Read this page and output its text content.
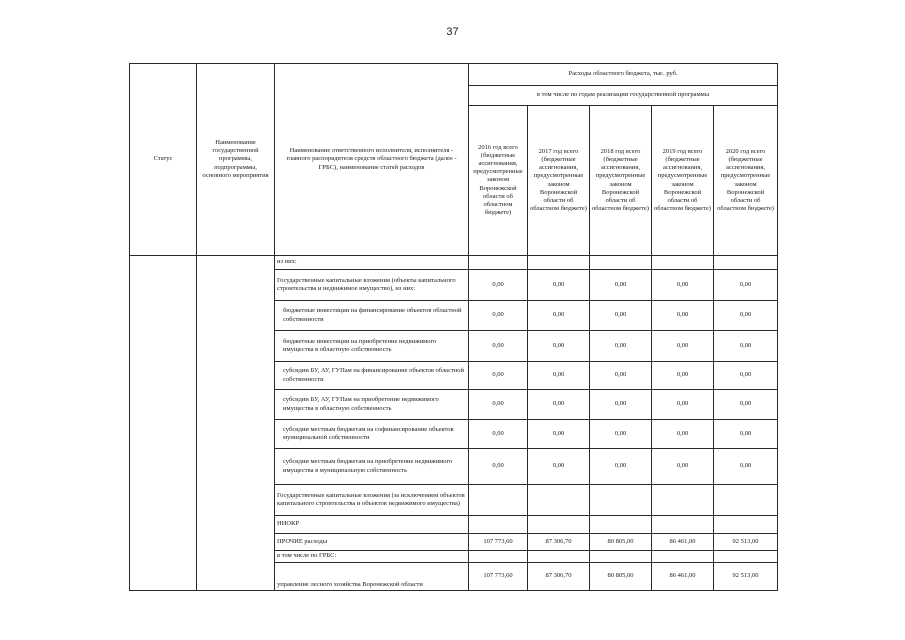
37
Статус	Наименование государственной программы, подпрограммы, основного мероприятия	Наименование ответственного исполнителя, исполнителя - главного распорядителя средств областного бюджета (далее - ГРБС), наименование статей расходов	Расходы областного бюджета, тыс. руб.				
			в том числе по годам реализации государственной программы				
			2016 год всего (бюджетные ассигнования, предусмотренные законом Воронежской области об областном бюджете)	2017 год всего (бюджетные ассигнования, предусмотренные законом Воронежской области об областном бюджете)	2018 год всего (бюджетные ассигнования, предусмотренные законом Воронежской области об областном бюджете)	2019 год всего (бюджетные ассигнования, предусмотренные законом Воронежской области об областном бюджете)	2020 год всего (бюджетные ассигнования, предусмотренные законом Воронежской области об областном бюджете)
		из них:					
		Государственные капитальные вложения (объекты капитального строительства и недвижимое имущество), из них:	0,00	0,00	0,00	0,00	0,00
		бюджетные инвестиции на финансирование объектов областной собственности	0,00	0,00	0,00	0,00	0,00
		бюджетные инвестиции на приобретение недвижимого имущества в областную собственность	0,00	0,00	0,00	0,00	0,00
		субсидии БУ, АУ, ГУПам на финансирование объектов областной собственности	0,00	0,00	0,00	0,00	0,00
		субсидии БУ, АУ, ГУПам на приобретение недвижимого имущества в областную собственность	0,00	0,00	0,00	0,00	0,00
		субсидии местным бюджетам на софинансирование объектов муниципальной собственности	0,00	0,00	0,00	0,00	0,00
		субсидии местным бюджетам на приобретение недвижимого имущества в муниципальную собственность	0,00	0,00	0,00	0,00	0,00
		Государственные капитальные вложения (за исключением объектов капитального строительства и объектов недвижимого имущества)					
		НИОКР					
		ПРОЧИЕ расходы	107 773,60	87 306,70	80 805,00	86 461,00	92 513,00
		в том числе по ГРБС:					
		управление лесного хозяйства Воронежской области	107 773,60	87 306,70	80 805,00	86 461,00	92 513,00
